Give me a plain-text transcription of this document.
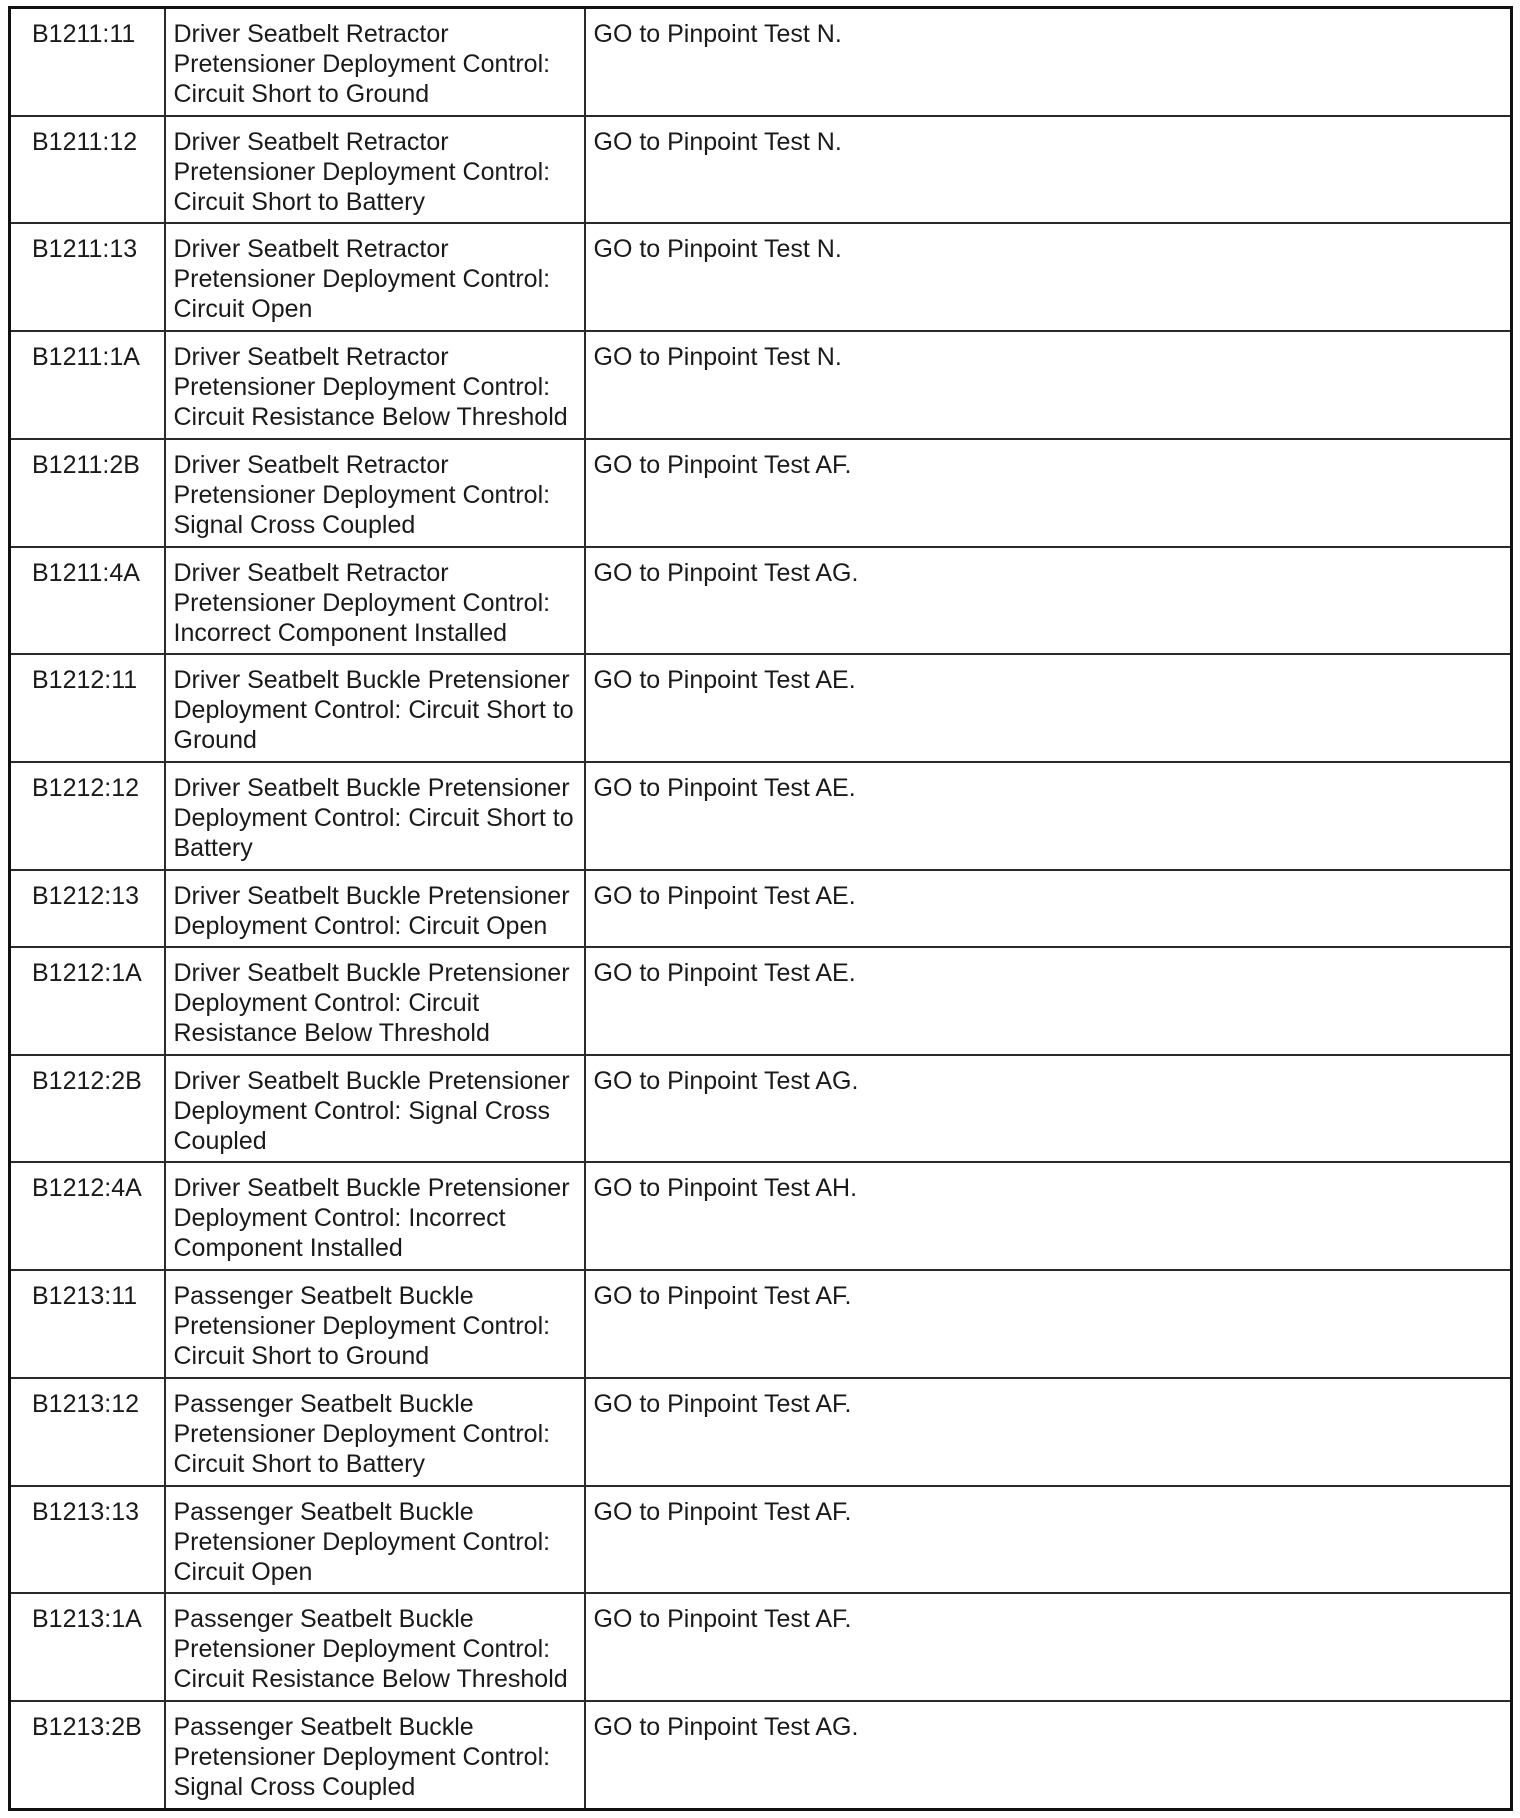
B1211:11	Driver Seatbelt Retractor Pretensioner Deployment Control: Circuit Short to Ground	GO to Pinpoint Test N.
B1211:12	Driver Seatbelt Retractor Pretensioner Deployment Control: Circuit Short to Battery	GO to Pinpoint Test N.
B1211:13	Driver Seatbelt Retractor Pretensioner Deployment Control: Circuit Open	GO to Pinpoint Test N.
B1211:1A	Driver Seatbelt Retractor Pretensioner Deployment Control: Circuit Resistance Below Threshold	GO to Pinpoint Test N.
B1211:2B	Driver Seatbelt Retractor Pretensioner Deployment Control: Signal Cross Coupled	GO to Pinpoint Test AF.
B1211:4A	Driver Seatbelt Retractor Pretensioner Deployment Control: Incorrect Component Installed	GO to Pinpoint Test AG.
B1212:11	Driver Seatbelt Buckle Pretensioner Deployment Control: Circuit Short to Ground	GO to Pinpoint Test AE.
B1212:12	Driver Seatbelt Buckle Pretensioner Deployment Control: Circuit Short to Battery	GO to Pinpoint Test AE.
B1212:13	Driver Seatbelt Buckle Pretensioner Deployment Control: Circuit Open	GO to Pinpoint Test AE.
B1212:1A	Driver Seatbelt Buckle Pretensioner Deployment Control: Circuit Resistance Below Threshold	GO to Pinpoint Test AE.
B1212:2B	Driver Seatbelt Buckle Pretensioner Deployment Control: Signal Cross Coupled	GO to Pinpoint Test AG.
B1212:4A	Driver Seatbelt Buckle Pretensioner Deployment Control: Incorrect Component Installed	GO to Pinpoint Test AH.
B1213:11	Passenger Seatbelt Buckle Pretensioner Deployment Control: Circuit Short to Ground	GO to Pinpoint Test AF.
B1213:12	Passenger Seatbelt Buckle Pretensioner Deployment Control: Circuit Short to Battery	GO to Pinpoint Test AF.
B1213:13	Passenger Seatbelt Buckle Pretensioner Deployment Control: Circuit Open	GO to Pinpoint Test AF.
B1213:1A	Passenger Seatbelt Buckle Pretensioner Deployment Control: Circuit Resistance Below Threshold	GO to Pinpoint Test AF.
B1213:2B	Passenger Seatbelt Buckle Pretensioner Deployment Control: Signal Cross Coupled	GO to Pinpoint Test AG.
